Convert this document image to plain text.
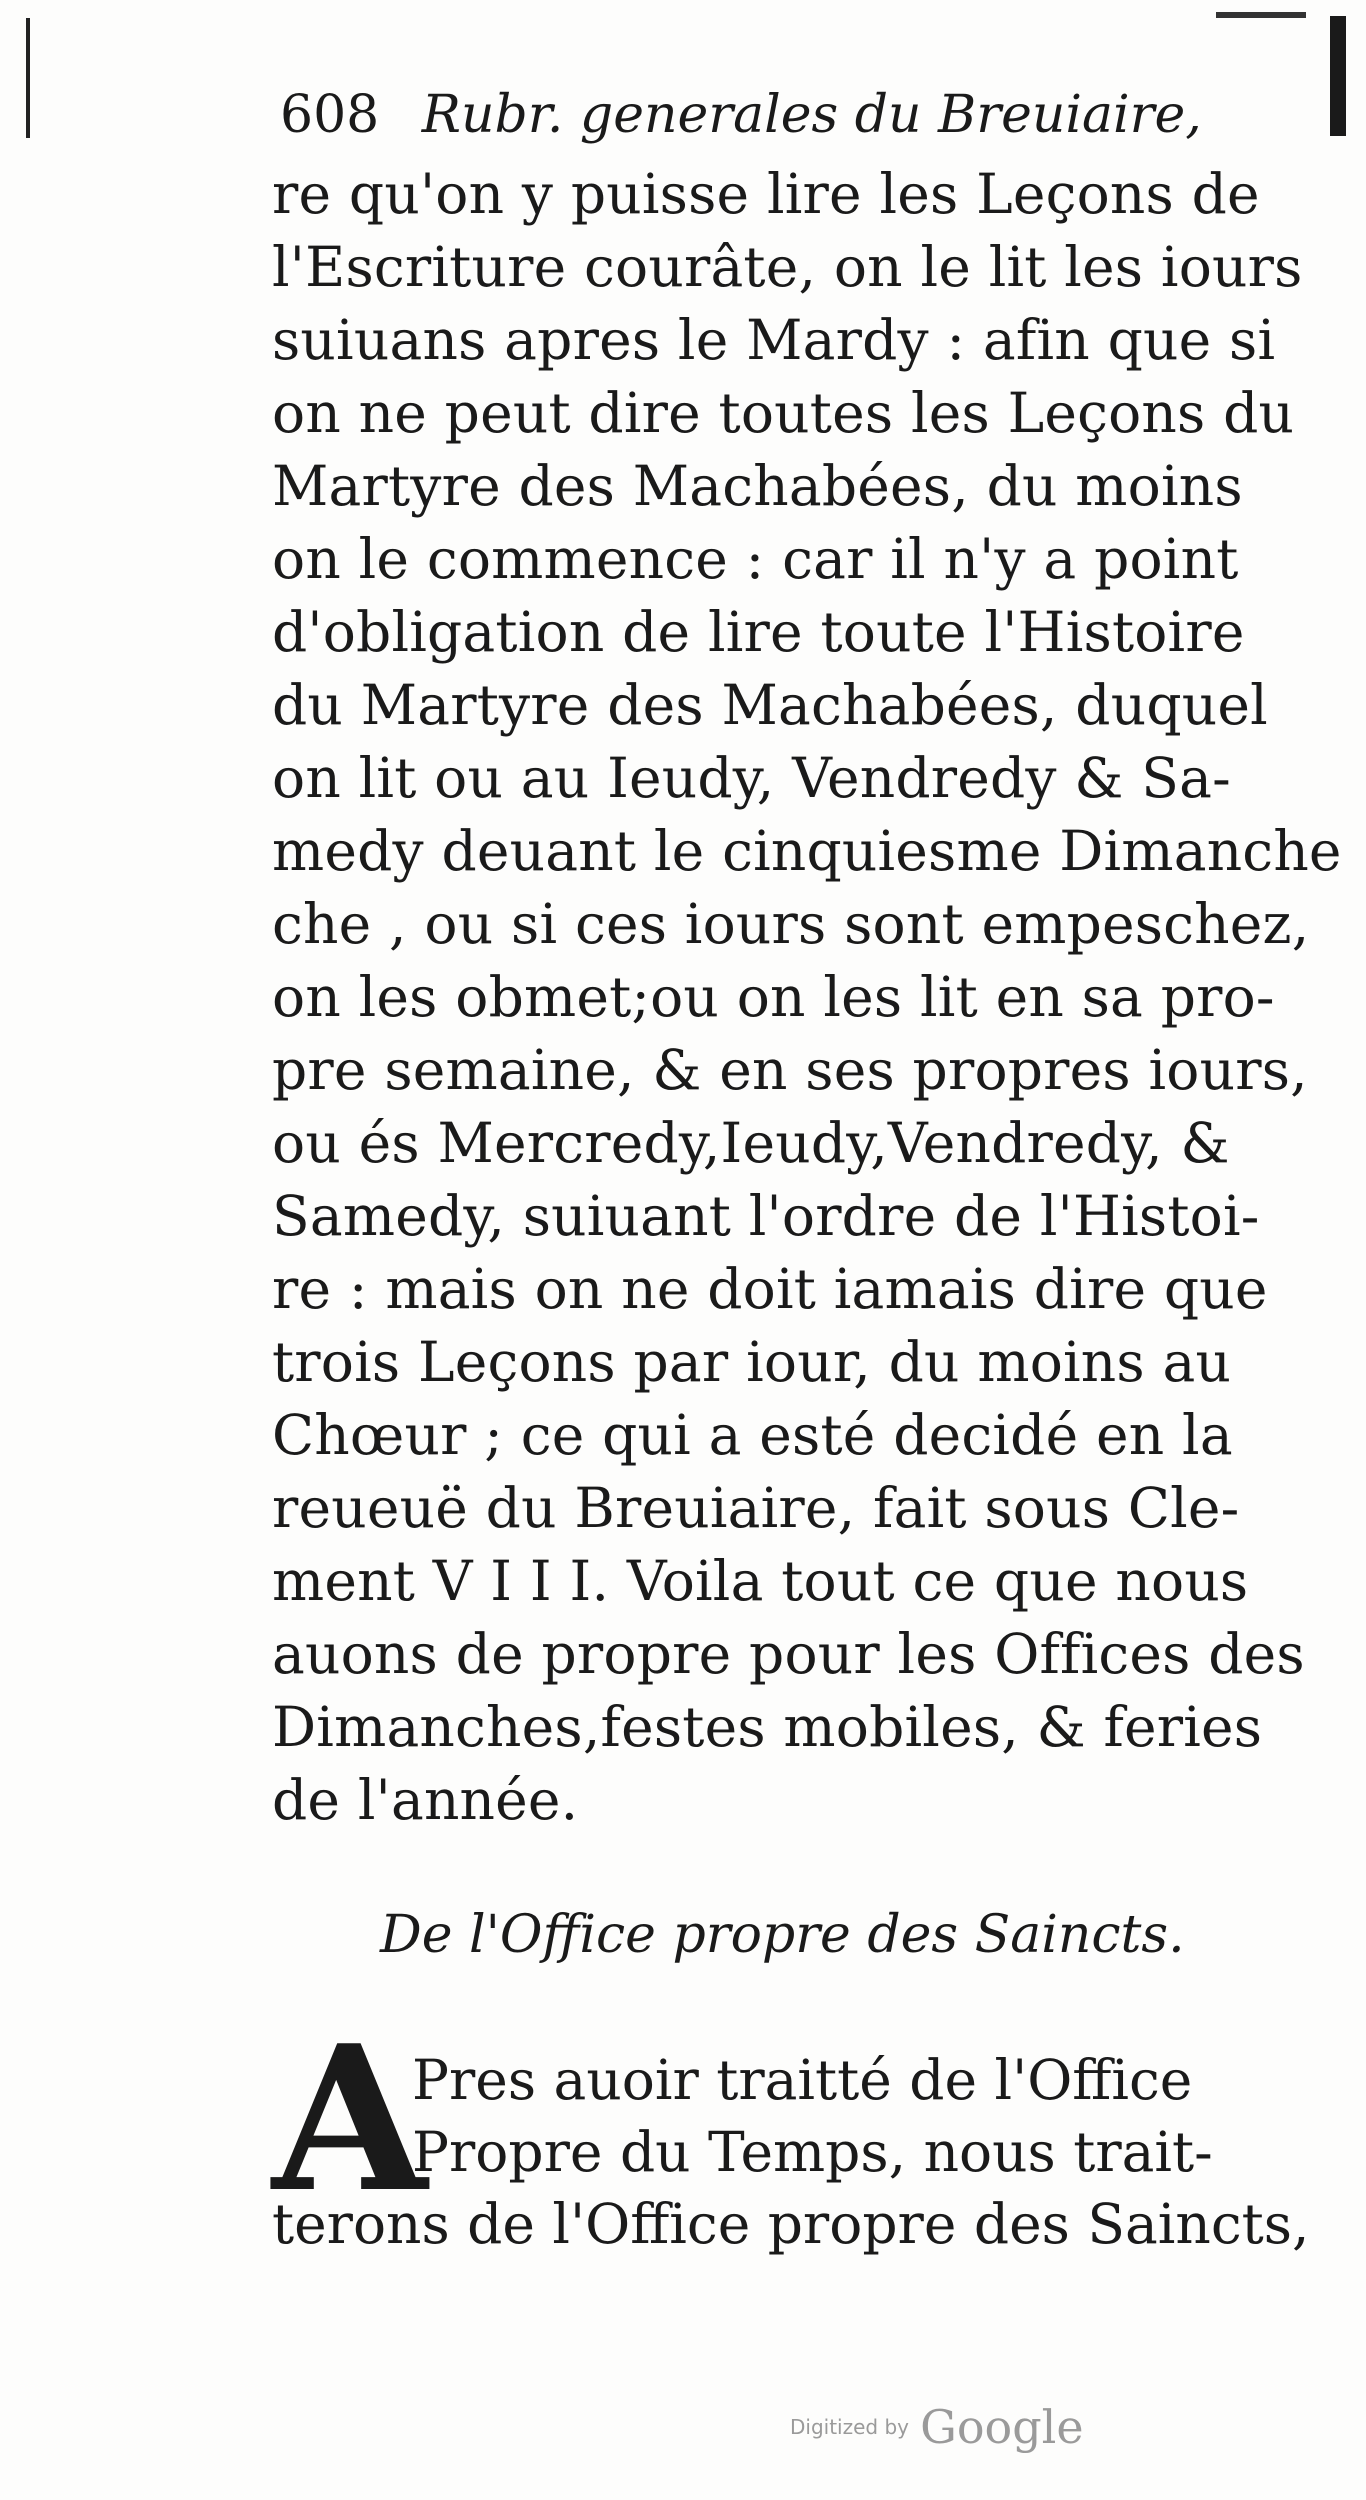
608 Rubr. generales du Breuiaire,
re qu'on y puisse lire les Leçons de
l'Escriture courâte, on le lit les iours
suiuans apres le Mardy : afin que si
on ne peut dire toutes les Leçons du
Martyre des Machabées, du moins
on le commence : car il n'y a point
d'obligation de lire toute l'Histoire
du Martyre des Machabées, duquel
on lit ou au Ieudy, Vendredy & Sa-
medy deuant le cinquiesme Dimanche
che , ou si ces iours sont empeschez,
on les obmet;ou on les lit en sa pro-
pre semaine, & en ses propres iours,
ou és Mercredy,Ieudy,Vendredy, &
Samedy, suiuant l'ordre de l'Histoi-
re : mais on ne doit iamais dire que
trois Leçons par iour, du moins au
Chœur ; ce qui a esté decidé en la
reueuë du Breuiaire, fait sous Cle-
ment V I I I. Voila tout ce que nous
auons de propre pour les Offices des
Dimanches,festes mobiles, & feries
de l'année.
De l'Office propre des Saincts.
A
Pres auoir traitté de l'Office
Propre du Temps, nous trait-
terons de l'Office propre des Saincts,
Digitized by Google
